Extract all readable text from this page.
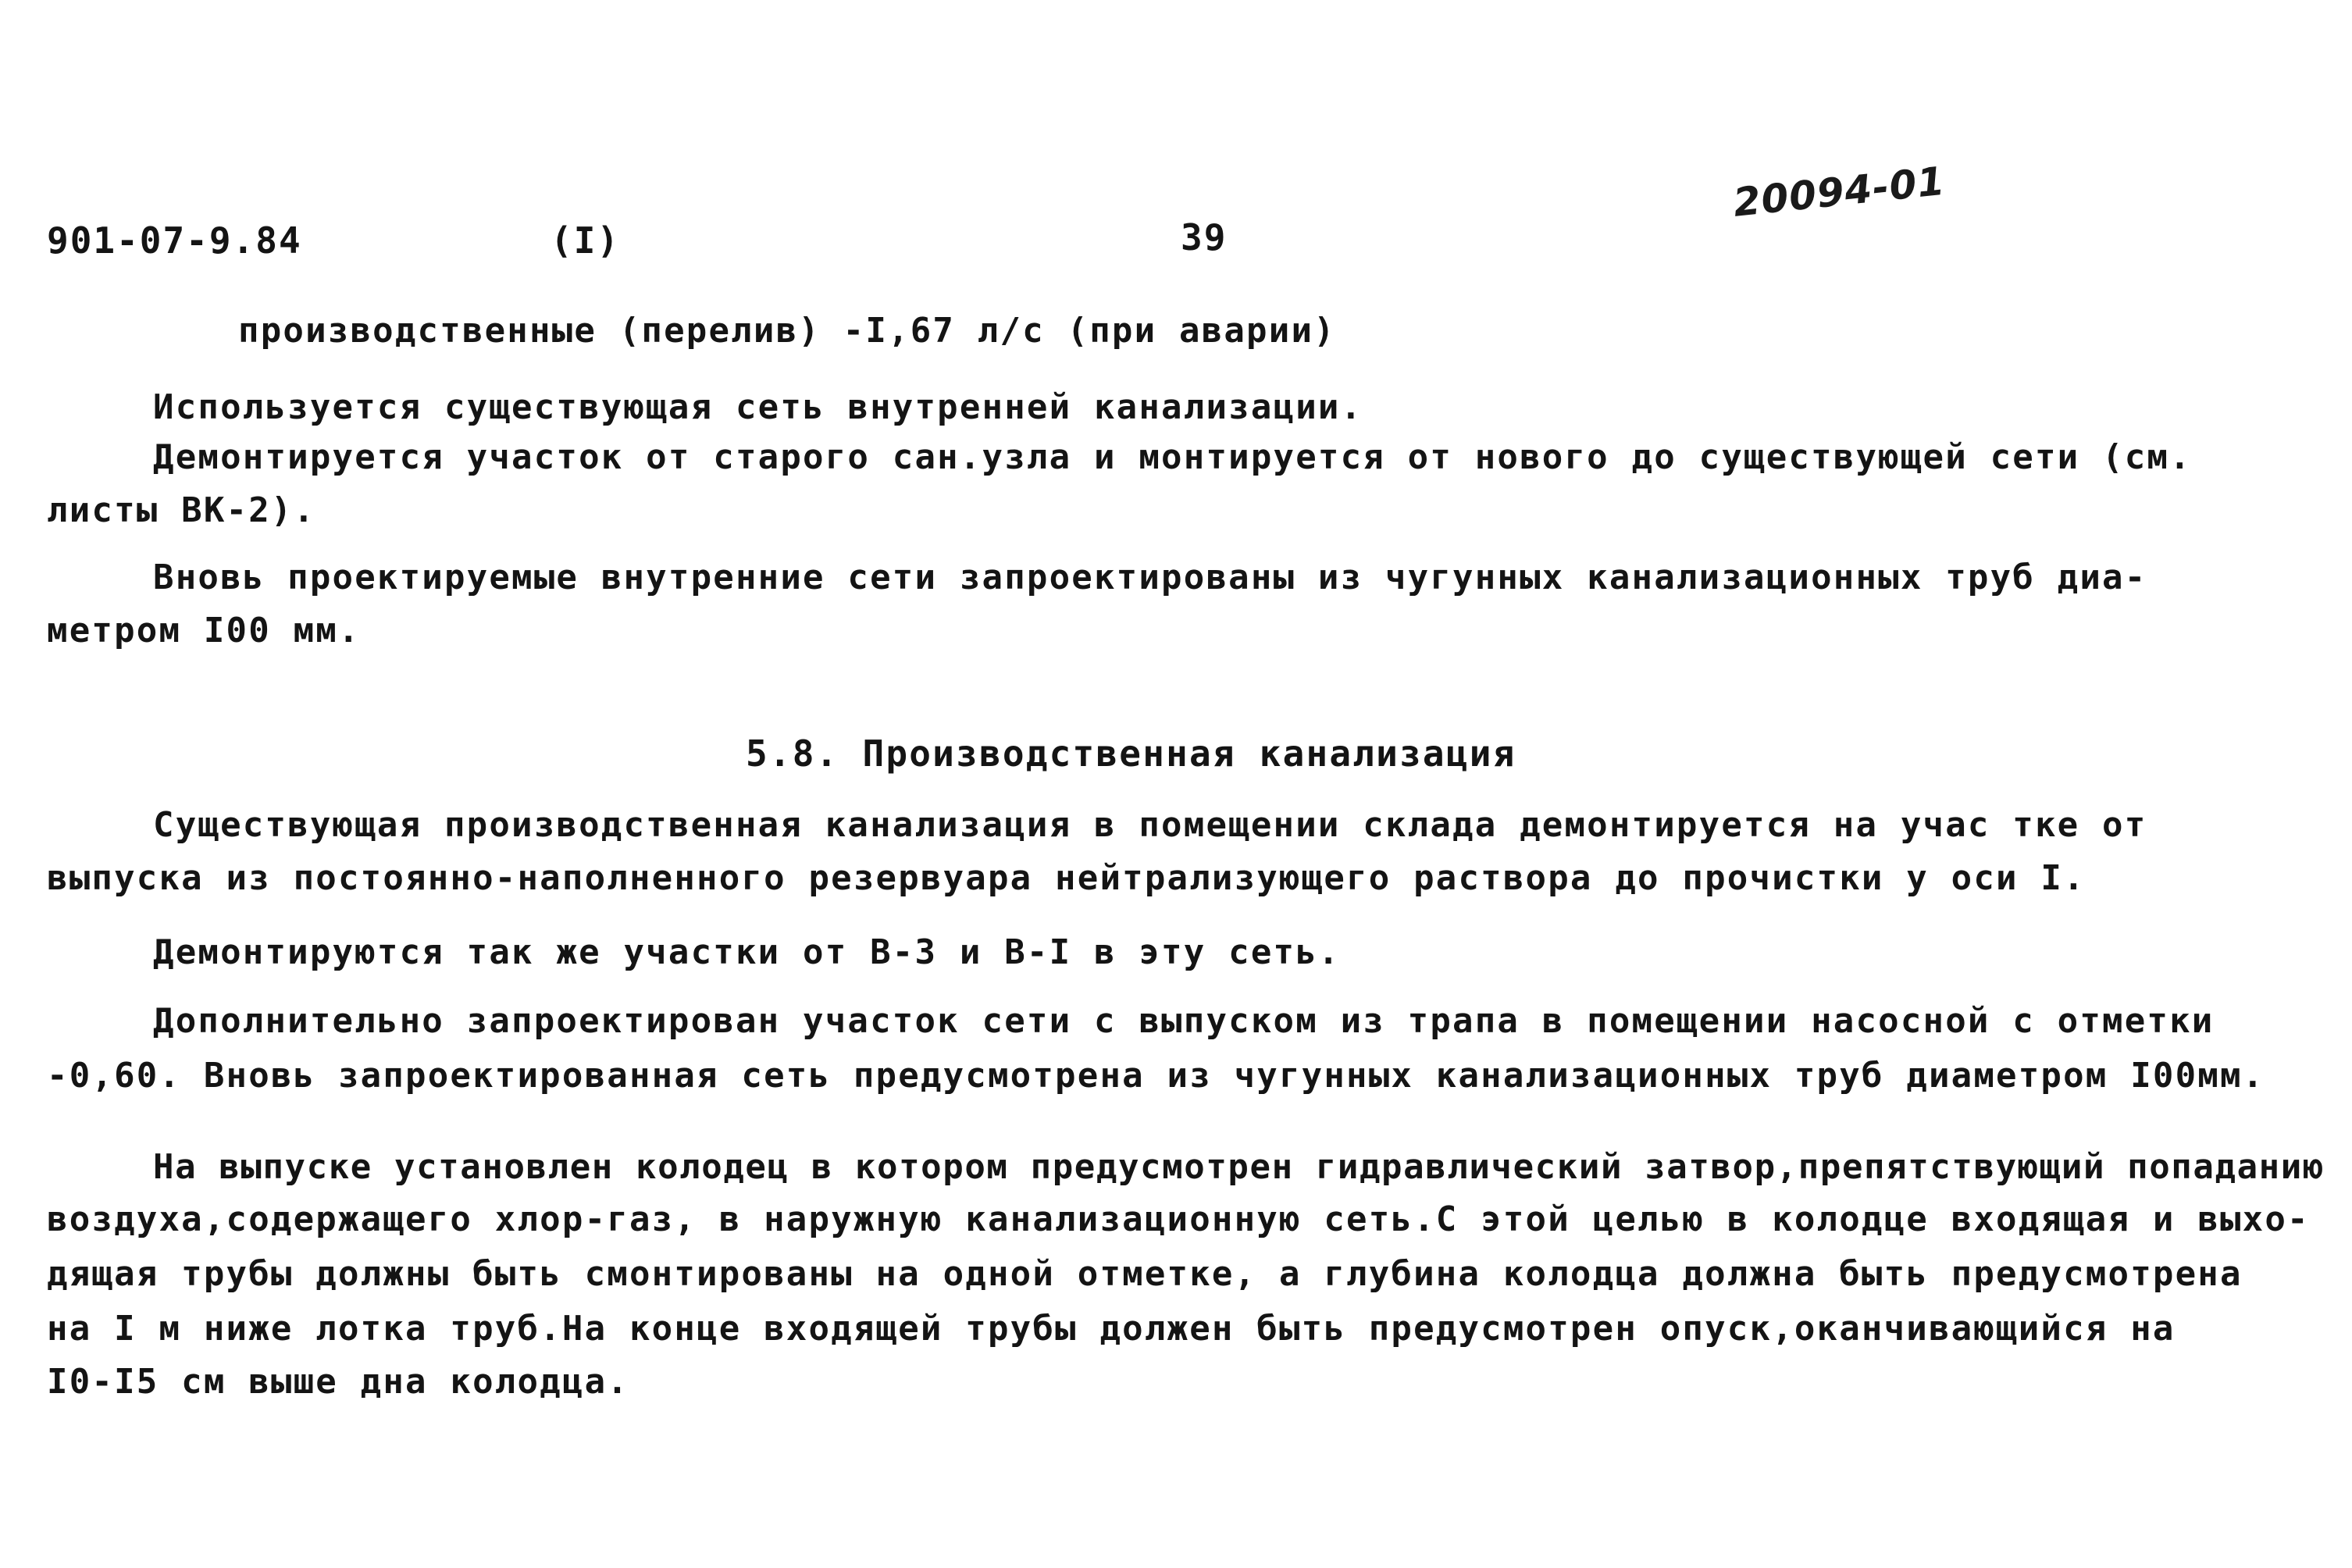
901-07-9.84	(I)	39
20094-01
производственные (перелив) -I,67 л/с (при аварии)
Используется существующая сеть внутренней канализации.
Демонтируется участок от старого сан.узла и монтируется от нового до существующей сети (см.
листы ВК-2).
Вновь проектируемые внутренние сети запроектированы из чугунных канализационных труб диа-
метром I00 мм.
5.8. Производственная канализация
Существующая производственная канализация в помещении склада демонтируется на учас тке от
выпуска из постоянно-наполненного резервуара нейтрализующего раствора до прочистки у оси I.
Демонтируются так же участки от В-3 и В-I в эту сеть.
Дополнительно запроектирован участок сети с выпуском из трапа в помещении насосной с отметки
-0,60. Вновь запроектированная сеть предусмотрена из чугунных канализационных труб диаметром I00мм.
На выпуске установлен колодец в котором предусмотрен гидравлический затвор,препятствующий попаданию
воздуха,содержащего хлор-газ, в наружную канализационную сеть.С этой целью в колодце входящая и выхо-
дящая трубы должны быть смонтированы на одной отметке, а глубина колодца должна быть предусмотрена
на I м ниже лотка труб.На конце входящей трубы должен быть предусмотрен опуск,оканчивающийся на
I0-I5 см выше дна колодца.
